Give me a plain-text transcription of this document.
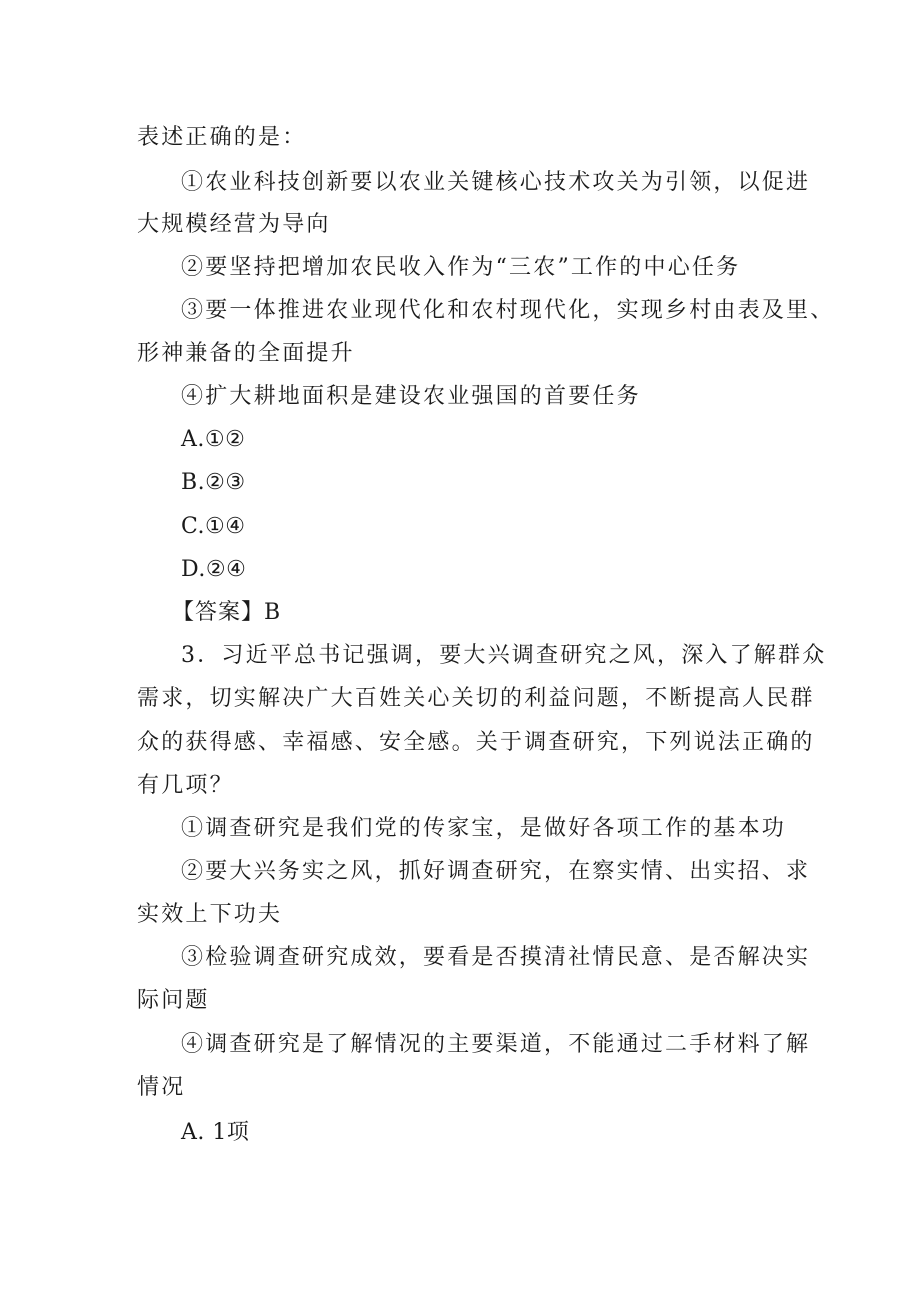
表述正确的是：
①农业科技创新要以农业关键核心技术攻关为引领，以促进
大规模经营为导向
②要坚持把增加农民收入作为“三农”工作的中心任务
③要一体推进农业现代化和农村现代化，实现乡村由表及里、
形神兼备的全面提升
④扩大耕地面积是建设农业强国的首要任务
A.①②
B.②③
C.①④
D.②④
【答案】B
3．习近平总书记强调，要大兴调查研究之风，深入了解群众
需求，切实解决广大百姓关心关切的利益问题，不断提高人民群
众的获得感、幸福感、安全感。关于调查研究，下列说法正确的
有几项？
①调查研究是我们党的传家宝，是做好各项工作的基本功
②要大兴务实之风，抓好调查研究，在察实情、出实招、求
实效上下功夫
③检验调查研究成效，要看是否摸清社情民意、是否解决实
际问题
④调查研究是了解情况的主要渠道，不能通过二手材料了解
情况
A. 1项
